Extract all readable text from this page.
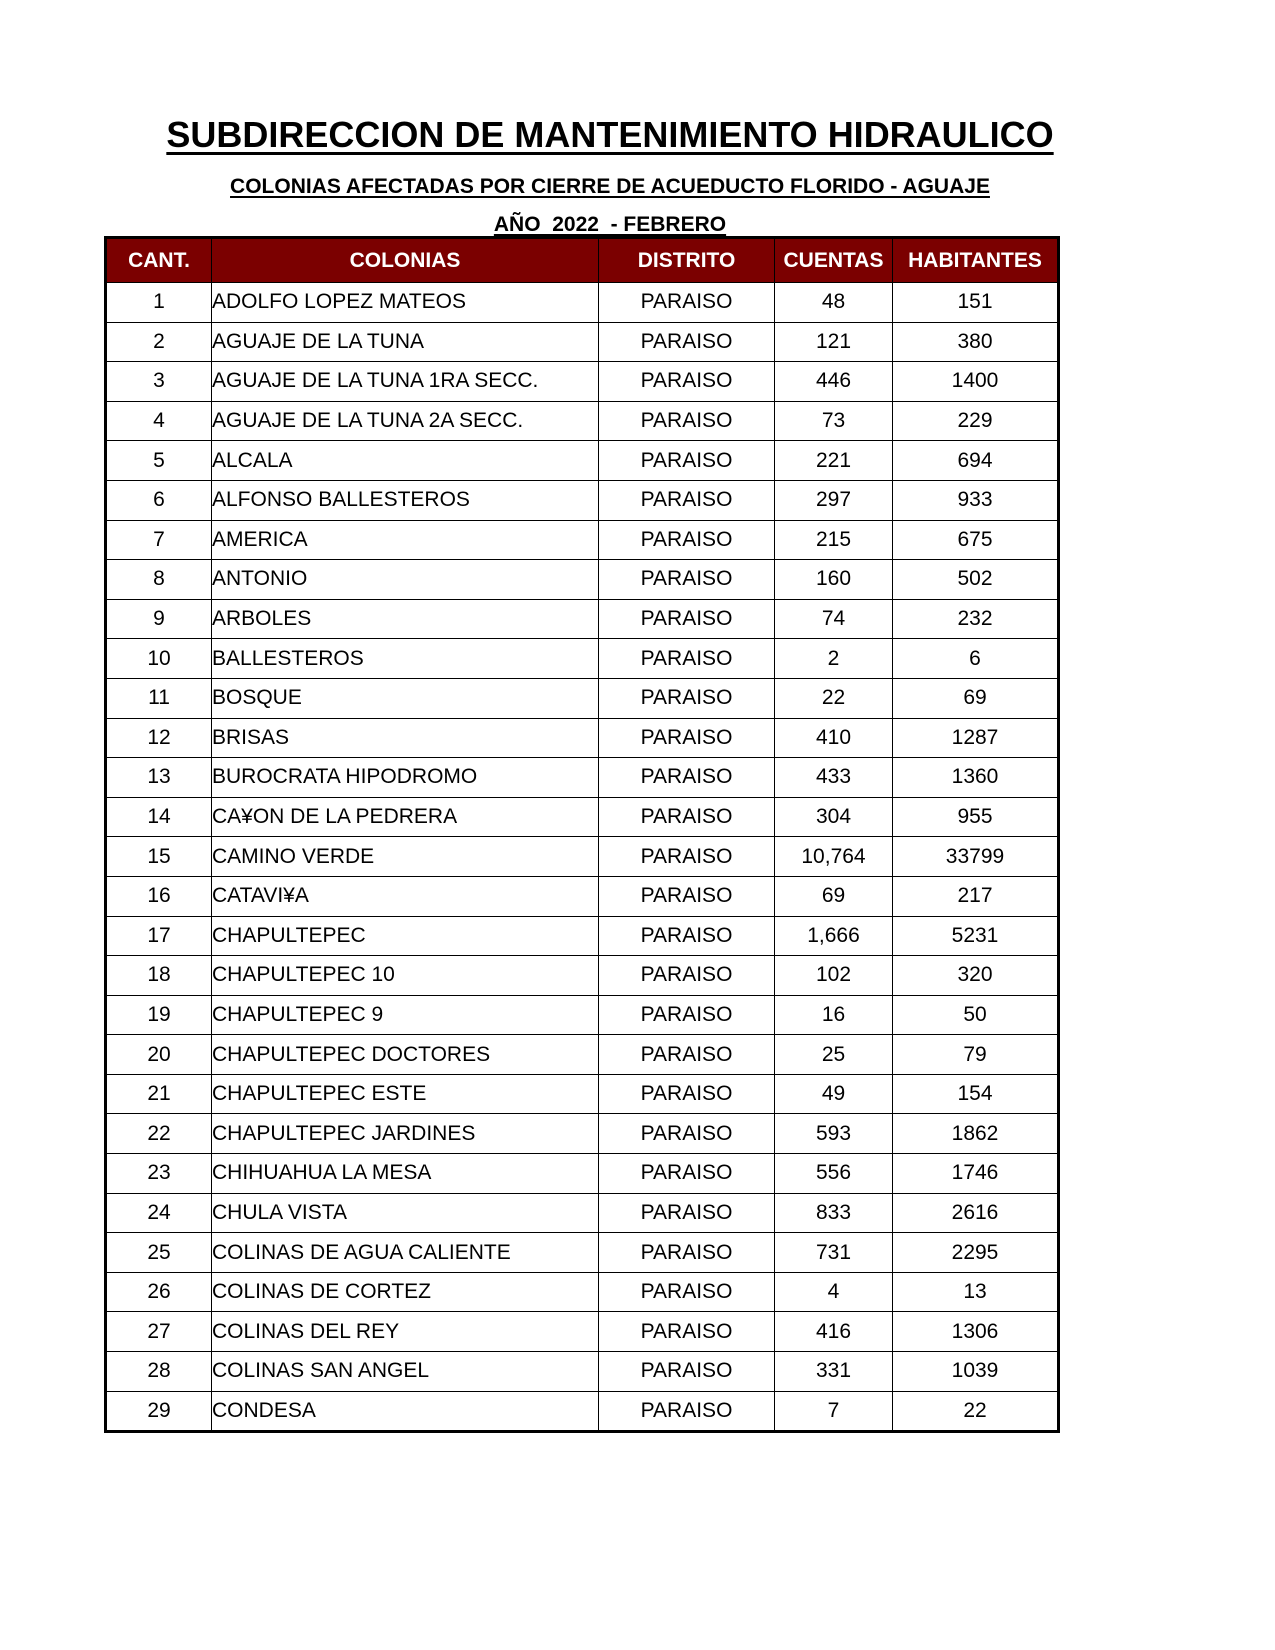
SUBDIRECCION DE MANTENIMIENTO HIDRAULICO
COLONIAS AFECTADAS POR CIERRE DE ACUEDUCTO FLORIDO - AGUAJE
AÑO  2022  - FEBRERO
CANT.	COLONIAS	DISTRITO	CUENTAS	HABITANTES
1	ADOLFO LOPEZ MATEOS	PARAISO	48	151
2	AGUAJE DE LA TUNA	PARAISO	121	380
3	AGUAJE DE LA TUNA 1RA SECC.	PARAISO	446	1400
4	AGUAJE DE LA TUNA 2A SECC.	PARAISO	73	229
5	ALCALA	PARAISO	221	694
6	ALFONSO BALLESTEROS	PARAISO	297	933
7	AMERICA	PARAISO	215	675
8	ANTONIO	PARAISO	160	502
9	ARBOLES	PARAISO	74	232
10	BALLESTEROS	PARAISO	2	6
11	BOSQUE	PARAISO	22	69
12	BRISAS	PARAISO	410	1287
13	BUROCRATA HIPODROMO	PARAISO	433	1360
14	CA¥ON DE LA PEDRERA	PARAISO	304	955
15	CAMINO VERDE	PARAISO	10,764	33799
16	CATAVI¥A	PARAISO	69	217
17	CHAPULTEPEC	PARAISO	1,666	5231
18	CHAPULTEPEC 10	PARAISO	102	320
19	CHAPULTEPEC 9	PARAISO	16	50
20	CHAPULTEPEC DOCTORES	PARAISO	25	79
21	CHAPULTEPEC ESTE	PARAISO	49	154
22	CHAPULTEPEC JARDINES	PARAISO	593	1862
23	CHIHUAHUA LA MESA	PARAISO	556	1746
24	CHULA VISTA	PARAISO	833	2616
25	COLINAS DE AGUA CALIENTE	PARAISO	731	2295
26	COLINAS DE CORTEZ	PARAISO	4	13
27	COLINAS DEL REY	PARAISO	416	1306
28	COLINAS SAN ANGEL	PARAISO	331	1039
29	CONDESA	PARAISO	7	22
